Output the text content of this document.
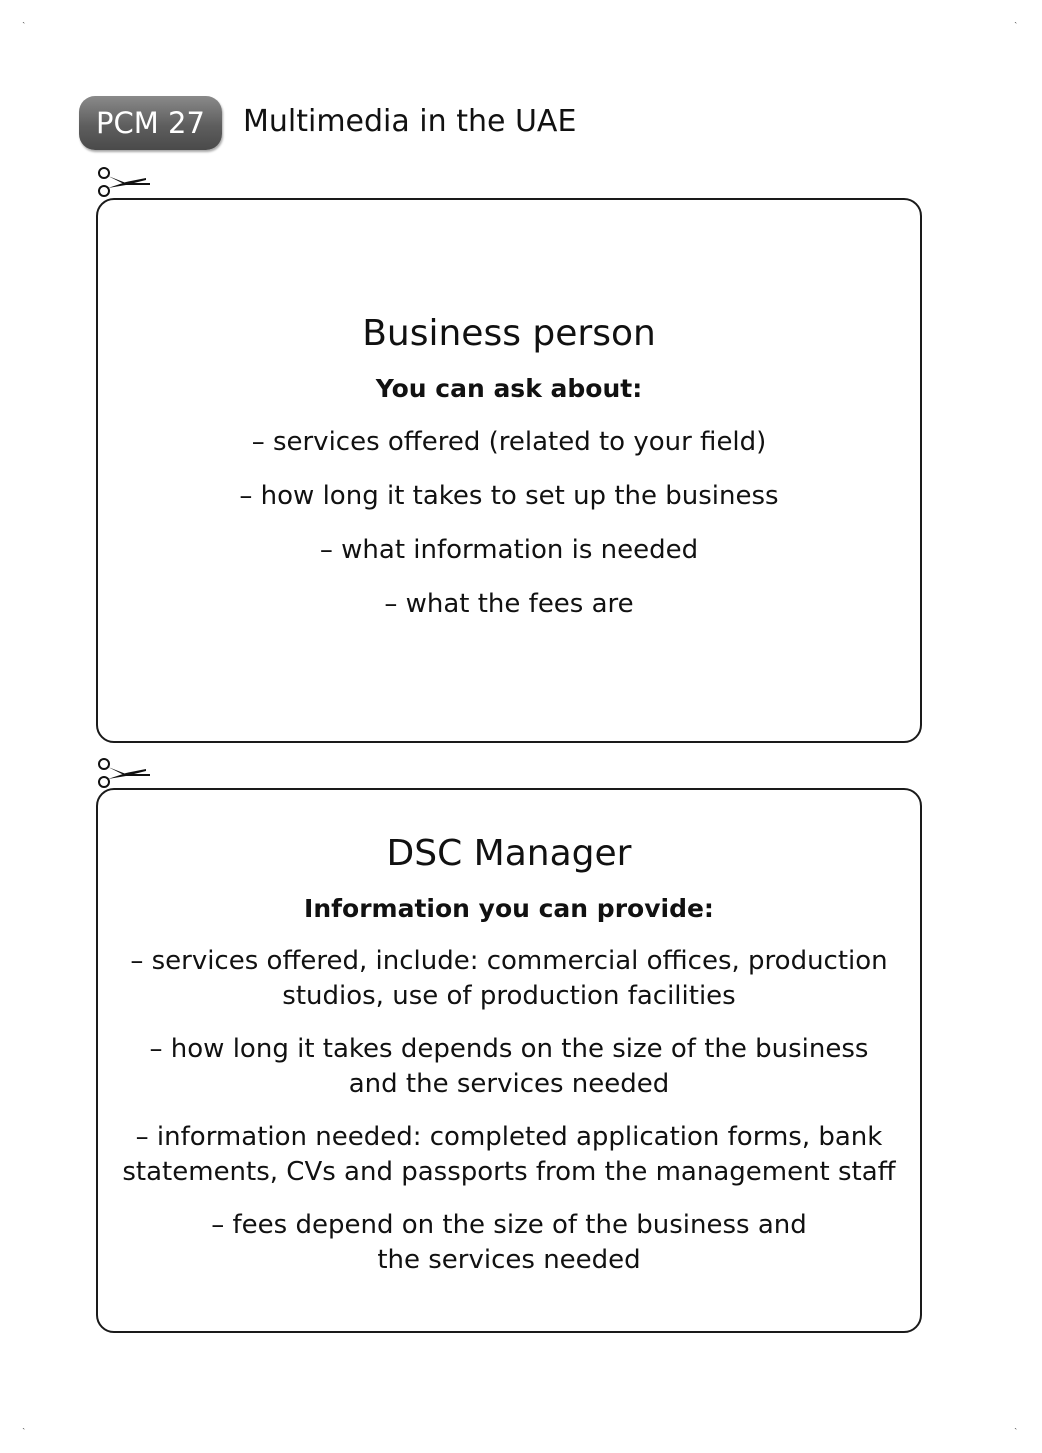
˴	˴
˴	˴
PCM 27	Multimedia in the UAE
Business person

You can ask about:

– services offered (related to your field)

– how long it takes to set up the business

– what information is needed

– what the fees are

DSC Manager

Information you can provide:

– services offered, include: commercial offices, production
studios, use of production facilities

– how long it takes depends on the size of the business
and the services needed

– information needed: completed application forms, bank
statements, CVs and passports from the management staff

– fees depend on the size of the business and
the services needed
